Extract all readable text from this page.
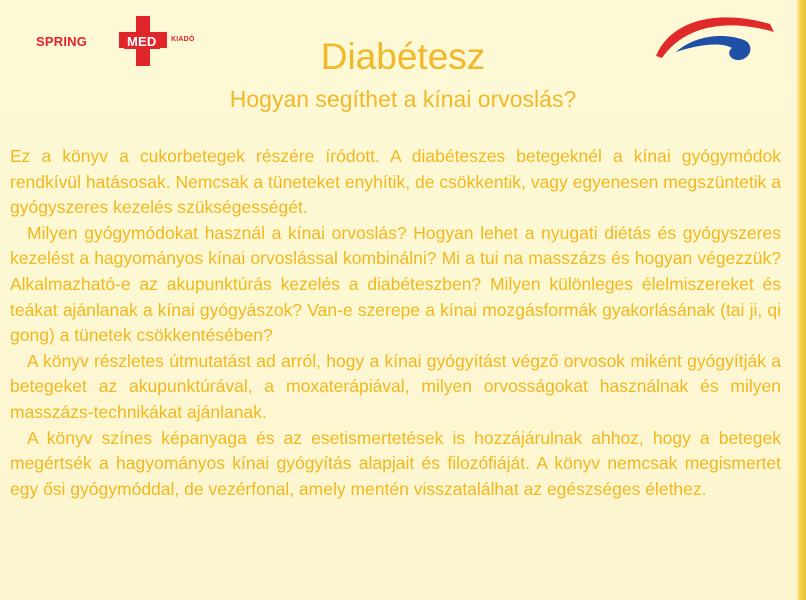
SPRING	MED	KIADÓ	Diabétesz
Hogyan segíthet a kínai orvoslás?

Ez a könyv a cukorbetegek részére íródott. A diabéteszes betegeknél a kínai gyógymódok rendkívül hatásosak. Nemcsak a tüneteket enyhítik, de csökkentik, vagy egyenesen megszüntetik a gyógyszeres kezelés szükségességét.

Milyen gyógymódokat használ a kínai orvoslás? Hogyan lehet a nyugati diétás és gyógyszeres kezelést a hagyományos kínai orvoslással kombinálni? Mi a tui na masszázs és hogyan végezzük? Alkalmazható-e az akupunktúrás kezelés a diabéteszben? Milyen különleges élelmiszereket és teákat ajánlanak a kínai gyógyászok? Van-e szerepe a kínai mozgásformák gyakorlásának (tai ji, qi gong) a tünetek csökkentésében?

A könyv részletes útmutatást ad arról, hogy a kínai gyógyítást végző orvosok miként gyógyítják a betegeket az akupunktúrával, a moxaterápiával, milyen orvosságokat használnak és milyen masszázs-technikákat ajánlanak.

A könyv színes képanyaga és az esetismertetések is hozzájárulnak ahhoz, hogy a betegek megértsék a hagyományos kínai gyógyítás alapjait és filozófiáját. A könyv nemcsak megismertet egy ősi gyógymóddal, de vezérfonal, amely mentén visszatalálhat az egészséges élethez.
